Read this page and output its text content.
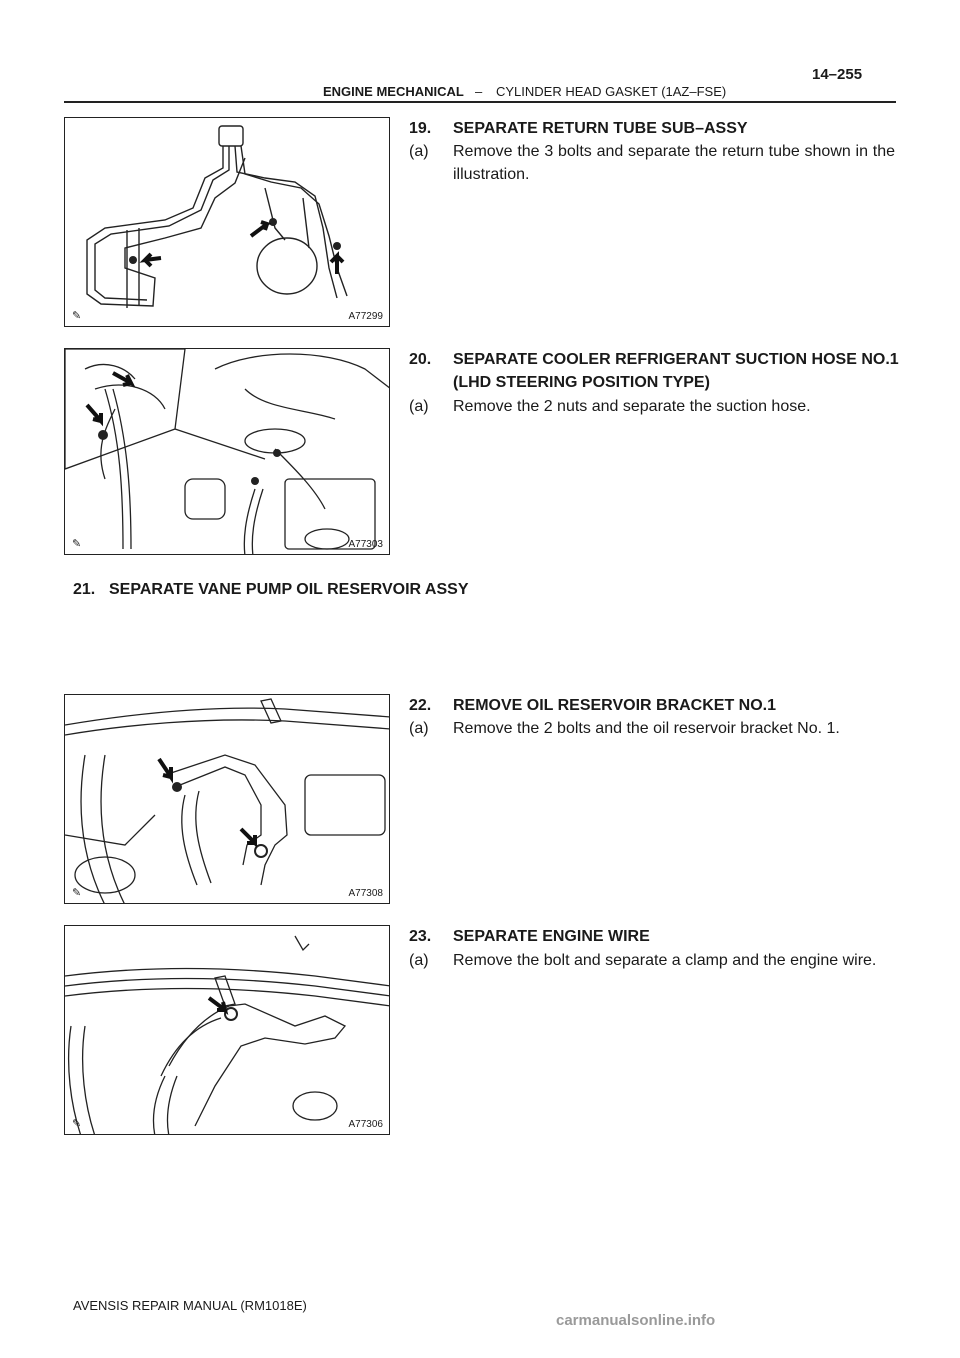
14–255
ENGINE MECHANICAL – CYLINDER HEAD GASKET (1AZ–FSE)
✎	A77299
✎	A77303
✎	A77308
✎	A77306
19.	SEPARATE RETURN TUBE SUB–ASSY
(a)	Remove the 3 bolts and separate the return tube shown in the illustration.
20.	SEPARATE COOLER REFRIGERANT SUCTION HOSE NO.1 (LHD STEERING POSITION TYPE)
(a)	Remove the 2 nuts and separate the suction hose.
21. SEPARATE VANE PUMP OIL RESERVOIR ASSY
22.	REMOVE OIL RESERVOIR BRACKET NO.1
(a)	Remove the 2 bolts and the oil reservoir bracket No. 1.
23.	SEPARATE ENGINE WIRE
(a)	Remove the bolt and separate a clamp and the engine wire.
AVENSIS REPAIR MANUAL (RM1018E)
carmanualsonline.info
